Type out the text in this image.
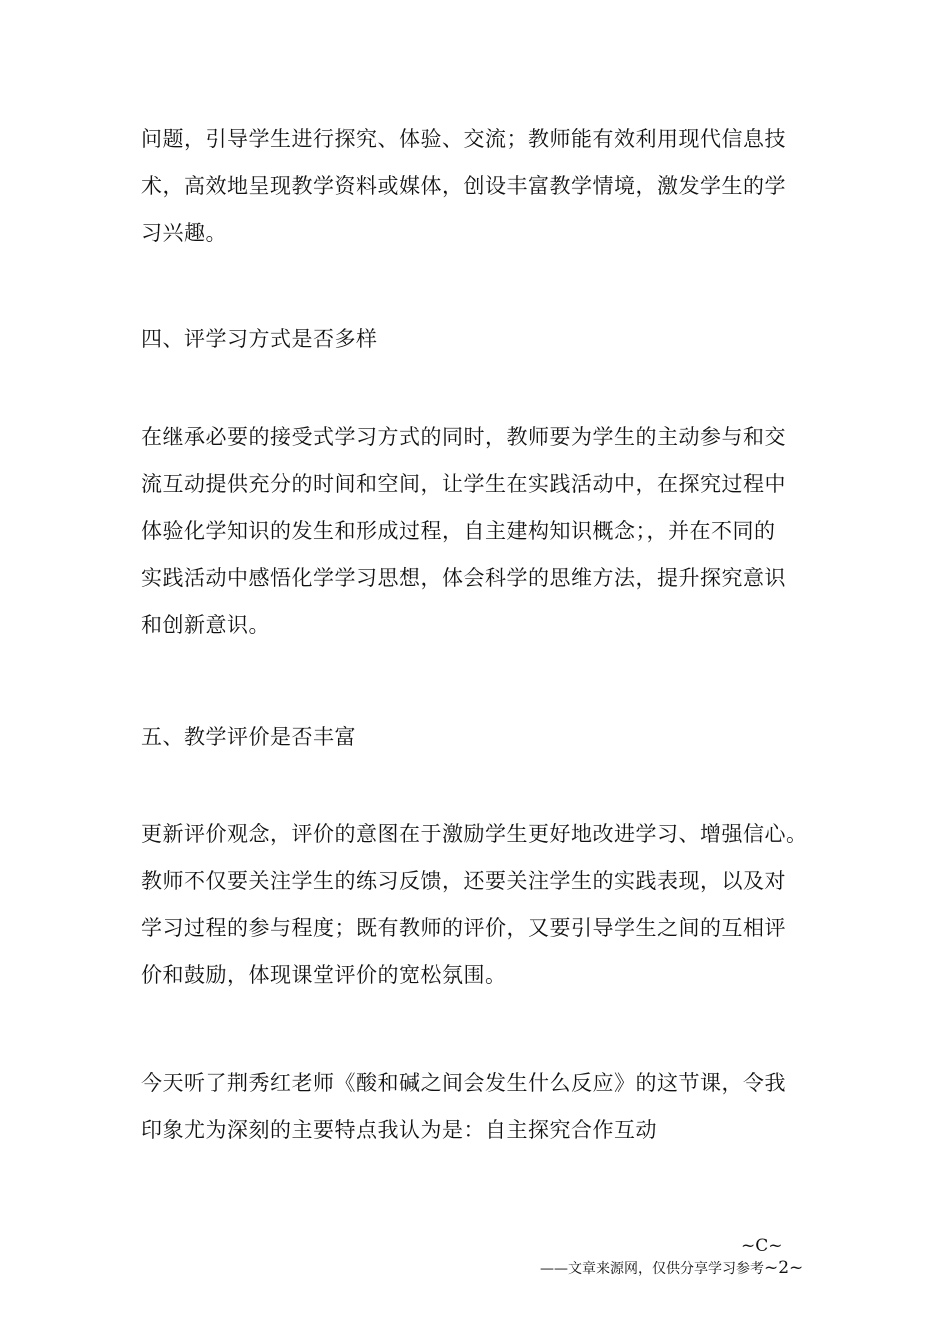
问题，引导学生进行探究、体验、交流；教师能有效利用现代信息技
术，高效地呈现教学资料或媒体，创设丰富教学情境，激发学生的学
习兴趣。
四、评学习方式是否多样
在继承必要的接受式学习方式的同时，教师要为学生的主动参与和交
流互动提供充分的时间和空间，让学生在实践活动中，在探究过程中
体验化学知识的发生和形成过程，自主建构知识概念；，并在不同的
实践活动中感悟化学学习思想，体会科学的思维方法，提升探究意识
和创新意识。
五、教学评价是否丰富
更新评价观念，评价的意图在于激励学生更好地改进学习、增强信心。
教师不仅要关注学生的练习反馈，还要关注学生的实践表现，以及对
学习过程的参与程度；既有教师的评价，又要引导学生之间的互相评
价和鼓励，体现课堂评价的宽松氛围。
今天听了荆秀红老师《酸和碱之间会发生什么反应》的这节课，令我
印象尤为深刻的主要特点我认为是：自主探究合作互动
~C~
——文章来源网，仅供分享学习参考~2~
